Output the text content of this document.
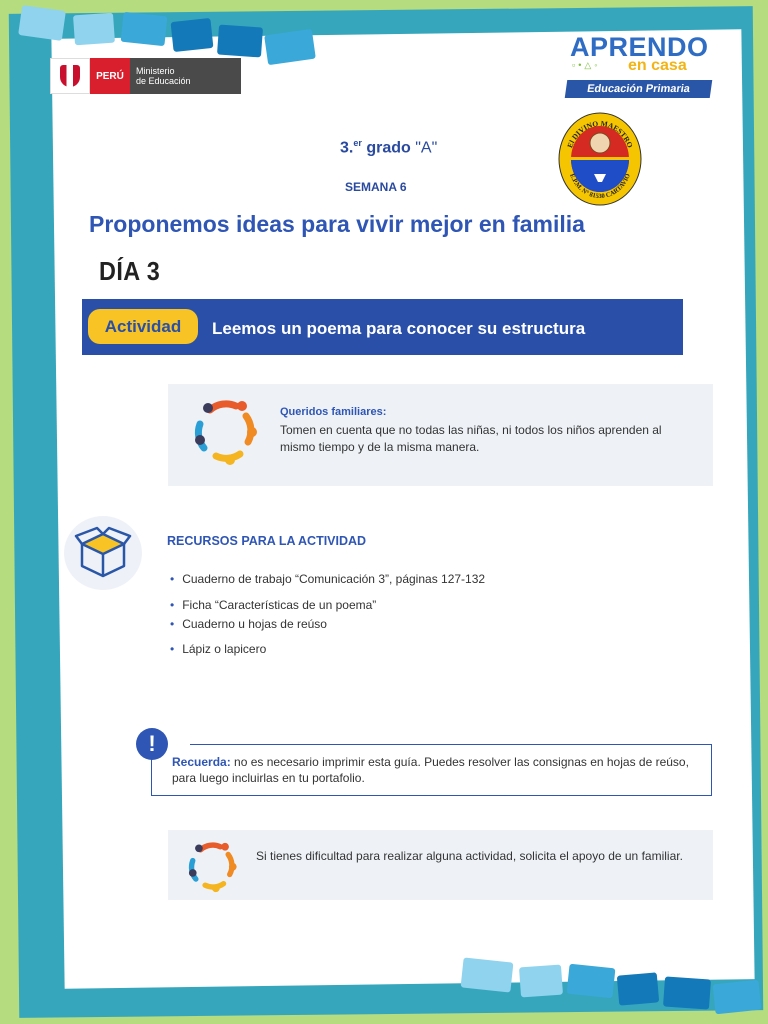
PERÚ	Ministerio
de Educación
APRENDO
▫•△◦ en casa
Educación Primaria
3.$^{er}$ grado "A"
SEMANA 6
El DIVINO MAESTRO
E.P.M. N° 81530 CARTAVIO
Proponemos ideas para vivir mejor en familia
DÍA 3
Actividad	Leemos un poema para conocer su estructura
Queridos familiares:
Tomen en cuenta que no todas las niñas, ni todos los niños aprenden al mismo tiempo y de la misma manera.
RECURSOS PARA LA ACTIVIDAD
• Cuaderno de trabajo “Comunicación 3”, páginas 127-132
• Ficha “Características de un poema”
• Cuaderno u hojas de reúso
• Lápiz o lapicero
!
Recuerda: no es necesario imprimir esta guía. Puedes resolver las consignas en hojas de reúso, para luego incluirlas en tu portafolio.
Si tienes dificultad para realizar alguna actividad, solicita el apoyo de un familiar.
